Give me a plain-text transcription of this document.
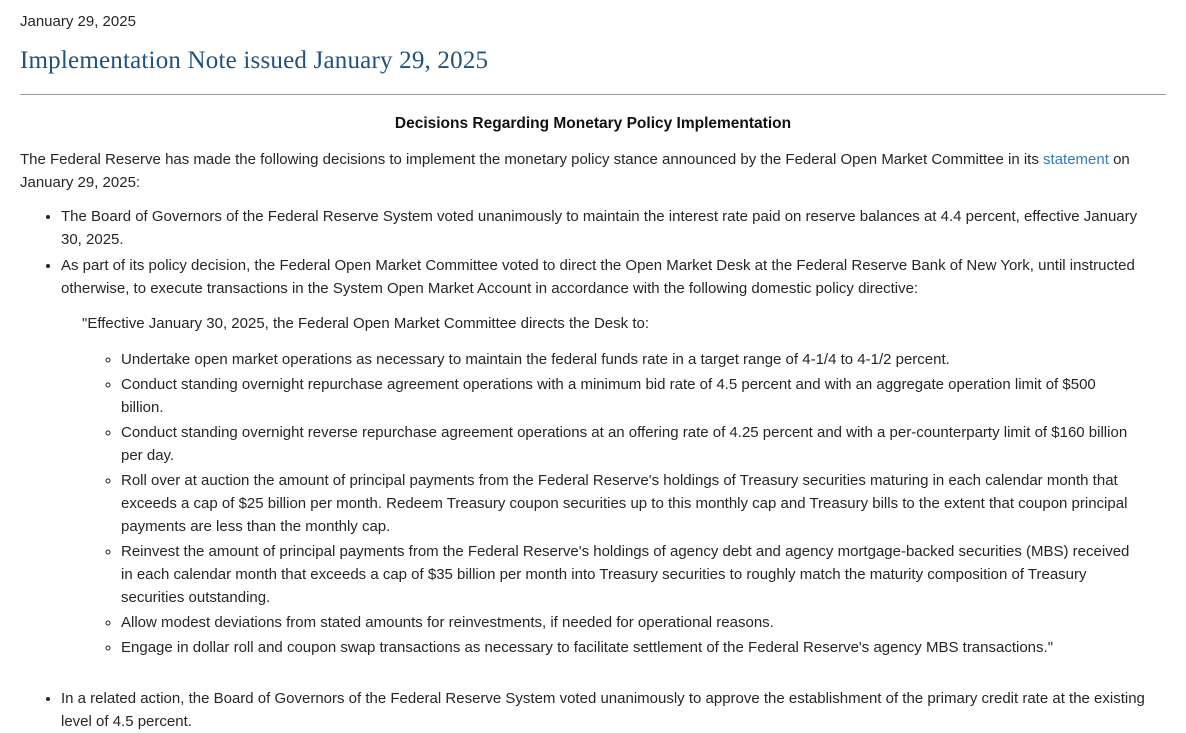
January 29, 2025

Implementation Note issued January 29, 2025
Decisions Regarding Monetary Policy Implementation

The Federal Reserve has made the following decisions to implement the monetary policy stance announced by the Federal Open Market Committee in its statement on January 29, 2025:

• The Board of Governors of the Federal Reserve System voted unanimously to maintain the interest rate paid on reserve balances at 4.4 percent, effective January 30, 2025.
• As part of its policy decision, the Federal Open Market Committee voted to direct the Open Market Desk at the Federal Reserve Bank of New York, until instructed otherwise, to execute transactions in the System Open Market Account in accordance with the following domestic policy directive:

"Effective January 30, 2025, the Federal Open Market Committee directs the Desk to:

◦ Undertake open market operations as necessary to maintain the federal funds rate in a target range of 4-1/4 to 4-1/2 percent.
◦ Conduct standing overnight repurchase agreement operations with a minimum bid rate of 4.5 percent and with an aggregate operation limit of $500 billion.
◦ Conduct standing overnight reverse repurchase agreement operations at an offering rate of 4.25 percent and with a per-counterparty limit of $160 billion per day.
◦ Roll over at auction the amount of principal payments from the Federal Reserve's holdings of Treasury securities maturing in each calendar month that exceeds a cap of $25 billion per month. Redeem Treasury coupon securities up to this monthly cap and Treasury bills to the extent that coupon principal payments are less than the monthly cap.
◦ Reinvest the amount of principal payments from the Federal Reserve's holdings of agency debt and agency mortgage-backed securities (MBS) received in each calendar month that exceeds a cap of $35 billion per month into Treasury securities to roughly match the maturity composition of Treasury securities outstanding.
◦ Allow modest deviations from stated amounts for reinvestments, if needed for operational reasons.
◦ Engage in dollar roll and coupon swap transactions as necessary to facilitate settlement of the Federal Reserve's agency MBS transactions."
• In a related action, the Board of Governors of the Federal Reserve System voted unanimously to approve the establishment of the primary credit rate at the existing level of 4.5 percent.
